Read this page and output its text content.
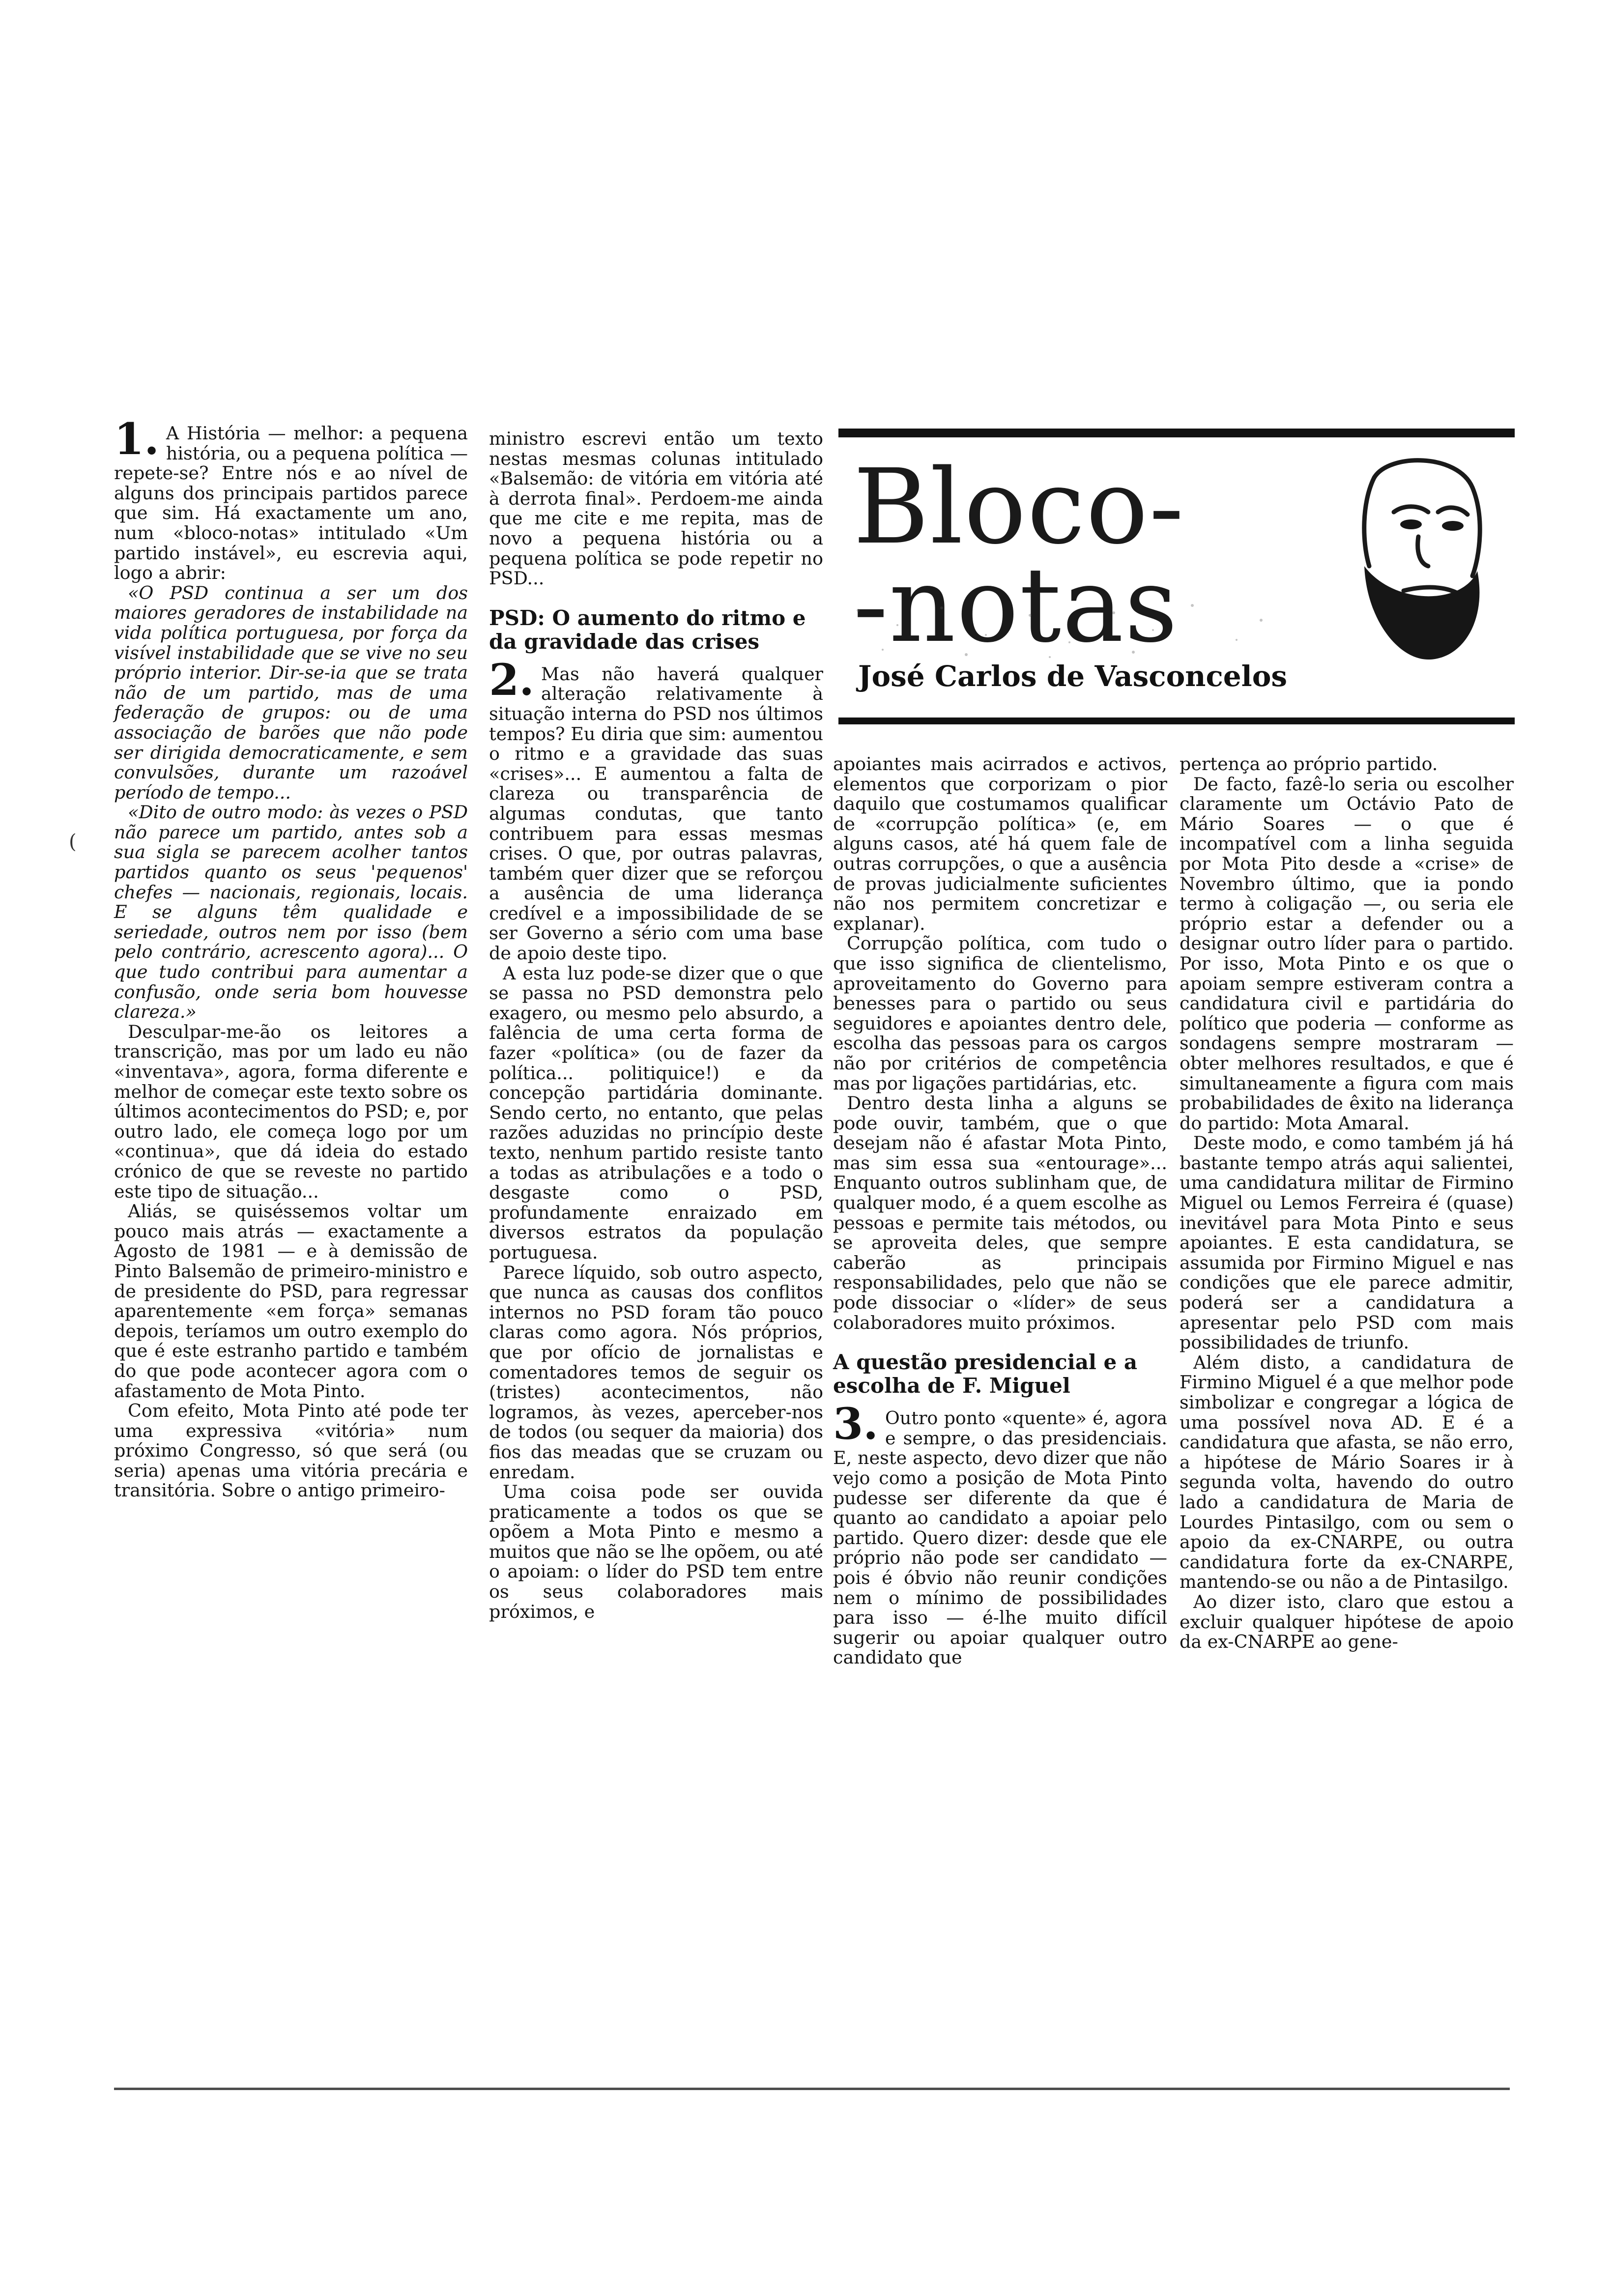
Bloco-
-notas
José Carlos de Vasconcelos
(

1. A História — melhor: a pequena história, ou a pequena política — repete-se? Entre nós e ao nível de alguns dos principais partidos parece que sim. Há exactamente um ano, num «bloco-notas» intitulado «Um partido instável», eu escrevia aqui, logo a abrir:

«O PSD continua a ser um dos maiores geradores de instabilidade na vida política portuguesa, por força da visível instabilidade que se vive no seu próprio interior. Dir-se-ia que se trata não de um partido, mas de uma federação de grupos: ou de uma associação de barões que não pode ser dirigida democraticamente, e sem convulsões, durante um razoável período de tempo...

«Dito de outro modo: às vezes o PSD não parece um partido, antes sob a sua sigla se parecem acolher tantos partidos quanto os seus 'pequenos' chefes — nacionais, regionais, locais. E se alguns têm qualidade e seriedade, outros nem por isso (bem pelo contrário, acrescento agora)... O que tudo contribui para aumentar a confusão, onde seria bom houvesse clareza.»

Desculpar-me-ão os leitores a transcrição, mas por um lado eu não «inventava», agora, forma diferente e melhor de começar este texto sobre os últimos acontecimentos do PSD; e, por outro lado, ele começa logo por um «continua», que dá ideia do estado crónico de que se reveste no partido este tipo de situação...

Aliás, se quiséssemos voltar um pouco mais atrás — exactamente a Agosto de 1981 — e à demissão de Pinto Balsemão de primeiro-ministro e de presidente do PSD, para regressar aparentemente «em força» semanas depois, teríamos um outro exemplo do que é este estranho partido e também do que pode acontecer agora com o afastamento de Mota Pinto.

Com efeito, Mota Pinto até pode ter uma expressiva «vitória» num próximo Congresso, só que será (ou seria) apenas uma vitória precária e transitória. Sobre o antigo primeiro-

ministro escrevi então um texto nestas mesmas colunas intitulado «Balsemão: de vitória em vitória até à derrota final». Perdoem-me ainda que me cite e me repita, mas de novo a pequena história ou a pequena política se pode repetir no PSD...

PSD: O aumento do ritmo e da gravidade das crises

2. Mas não haverá qualquer alteração relativamente à situação interna do PSD nos últimos tempos? Eu diria que sim: aumentou o ritmo e a gravidade das suas «crises»... E aumentou a falta de clareza ou transparência de algumas condutas, que tanto contribuem para essas mesmas crises. O que, por outras palavras, também quer dizer que se reforçou a ausência de uma liderança credível e a impossibilidade de se ser Governo a sério com uma base de apoio deste tipo.

A esta luz pode-se dizer que o que se passa no PSD demonstra pelo exagero, ou mesmo pelo absurdo, a falência de uma certa forma de fazer «política» (ou de fazer da política... politiquice!) e da concepção partidária dominante. Sendo certo, no entanto, que pelas razões aduzidas no princípio deste texto, nenhum partido resiste tanto a todas as atribulações e a todo o desgaste como o PSD, profundamente enraizado em diversos estratos da população portuguesa.

Parece líquido, sob outro aspecto, que nunca as causas dos conflitos internos no PSD foram tão pouco claras como agora. Nós próprios, que por ofício de jornalistas e comentadores temos de seguir os (tristes) acontecimentos, não logramos, às vezes, aperceber-nos de todos (ou sequer da maioria) dos fios das meadas que se cruzam ou enredam.

Uma coisa pode ser ouvida praticamente a todos os que se opõem a Mota Pinto e mesmo a muitos que não se lhe opõem, ou até o apoiam: o líder do PSD tem entre os seus colaboradores mais próximos, e

apoiantes mais acirrados e activos, elementos que corporizam o pior daquilo que costumamos qualificar de «corrupção política» (e, em alguns casos, até há quem fale de outras corrupções, o que a ausência de provas judicialmente suficientes não nos permitem concretizar e explanar).

Corrupção política, com tudo o que isso significa de clientelismo, aproveitamento do Governo para benesses para o partido ou seus seguidores e apoiantes dentro dele, escolha das pessoas para os cargos não por critérios de competência mas por ligações partidárias, etc.

Dentro desta linha a alguns se pode ouvir, também, que o que desejam não é afastar Mota Pinto, mas sim essa sua «entourage»... Enquanto outros sublinham que, de qualquer modo, é a quem escolhe as pessoas e permite tais métodos, ou se aproveita deles, que sempre caberão as principais responsabilidades, pelo que não se pode dissociar o «líder» de seus colaboradores muito próximos.

A questão presidencial e a escolha de F. Miguel

3. Outro ponto «quente» é, agora e sempre, o das presidenciais. E, neste aspecto, devo dizer que não vejo como a posição de Mota Pinto pudesse ser diferente da que é quanto ao candidato a apoiar pelo partido. Quero dizer: desde que ele próprio não pode ser candidato — pois é óbvio não reunir condições nem o mínimo de possibilidades para isso — é-lhe muito difícil sugerir ou apoiar qualquer outro candidato que

pertença ao próprio partido.

De facto, fazê-lo seria ou escolher claramente um Octávio Pato de Mário Soares — o que é incompatível com a linha seguida por Mota Pito desde a «crise» de Novembro último, que ia pondo termo à coligação —, ou seria ele próprio estar a defender ou a designar outro líder para o partido. Por isso, Mota Pinto e os que o apoiam sempre estiveram contra a candidatura civil e partidária do político que poderia — conforme as sondagens sempre mostraram — obter melhores resultados, e que é simultaneamente a figura com mais probabilidades de êxito na liderança do partido: Mota Amaral.

Deste modo, e como também já há bastante tempo atrás aqui salientei, uma candidatura militar de Firmino Miguel ou Lemos Ferreira é (quase) inevitável para Mota Pinto e seus apoiantes. E esta candidatura, se assumida por Firmino Miguel e nas condições que ele parece admitir, poderá ser a candidatura a apresentar pelo PSD com mais possibilidades de triunfo.

Além disto, a candidatura de Firmino Miguel é a que melhor pode simbolizar e congregar a lógica de uma possível nova AD. E é a candidatura que afasta, se não erro, a hipótese de Mário Soares ir à segunda volta, havendo do outro lado a candidatura de Maria de Lourdes Pintasilgo, com ou sem o apoio da ex-CNARPE, ou outra candidatura forte da ex-CNARPE, mantendo-se ou não a de Pintasilgo.

Ao dizer isto, claro que estou a excluir qualquer hipótese de apoio da ex-CNARPE ao gene-
